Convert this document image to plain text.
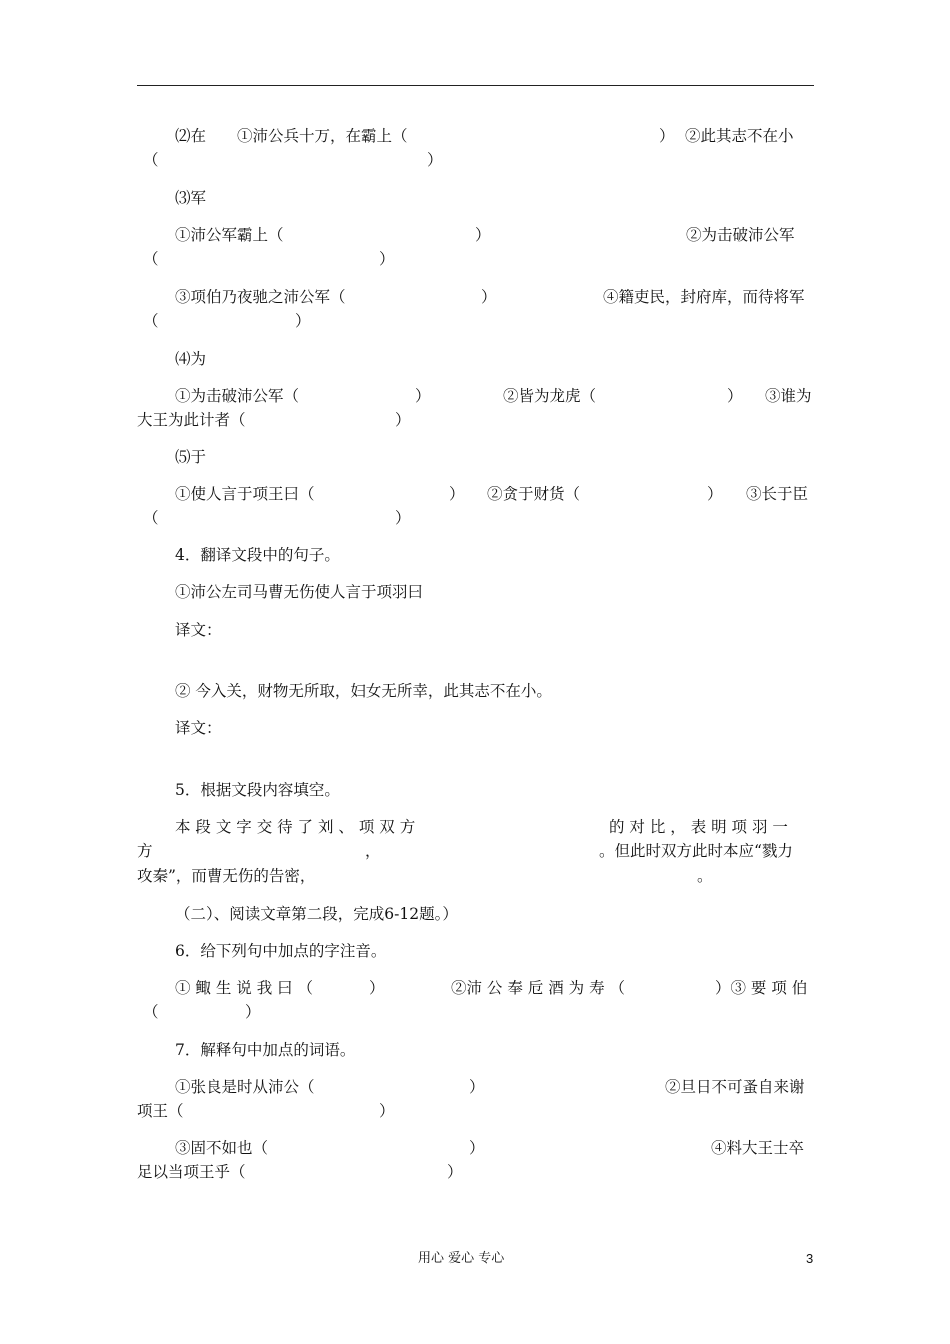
⑵在 ①沛公兵十万，在霸上（	） ②此其志不在小
（	）
⑶军
①沛公军霸上（	）	②为击破沛公军
（	）
③项伯乃夜驰之沛公军（	）	④籍吏民，封府库，而待将军
（	）
⑷为
①为击破沛公军（	）	②皆为龙虎（	） ③谁为
大王为此计者（	）
⑸于
①使人言于项王曰（	） ②贪于财货（	） ③长于臣
（	）
4．翻译文段中的句子。
①沛公左司马曹无伤使人言于项羽曰
译文：
② 今入关，财物无所取，妇女无所幸，此其志不在小。
译文：
5．根据文段内容填空。
本 段 文 字 交 待 了 刘 、 项 双 方	的 对 比 ， 表 明 项 羽 一
方	，	。但此时双方此时本应“戮力
攻秦”，而曹无伤的告密，	。
（二）、阅读文章第二段，完成6-12题。）
6．给下列句中加点的字注音。
① 鲰 生 说 我 曰 （	）	②沛 公 奉 卮 酒 为 寿 （	）③ 要 项 伯
（	）
7．解释句中加点的词语。
①张良是时从沛公（	）	②旦日不可蚤自来谢
项王（	）
③固不如也（	）	④料大王士卒
足以当项王乎（	）
用心 爱心 专心	3
